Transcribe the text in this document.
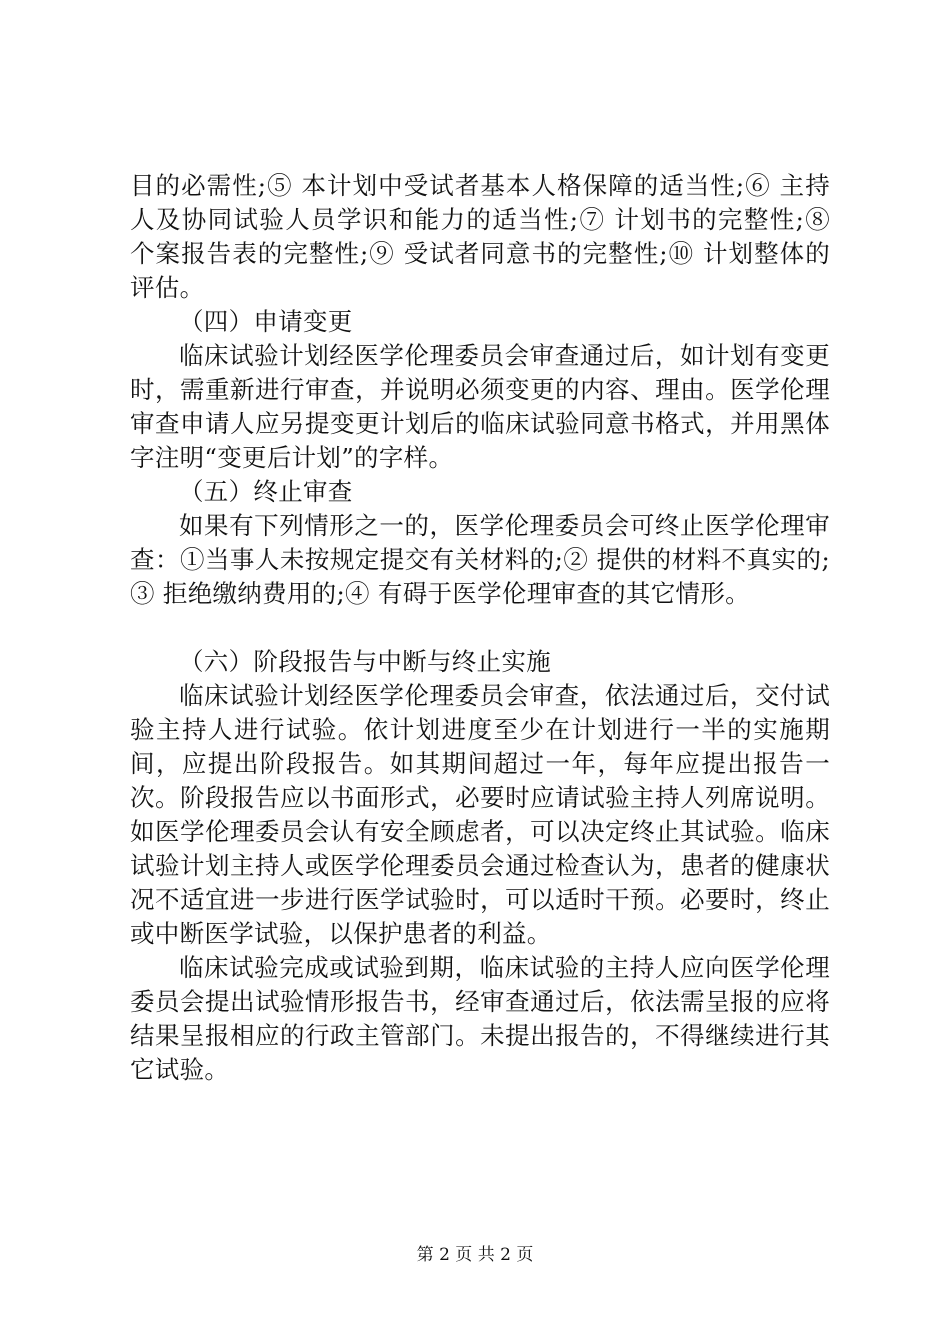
目的必需性;⑤ 本计划中受试者基本人格保障的适当性;⑥ 主持人及协同试验人员学识和能力的适当性;⑦ 计划书的完整性;⑧ 个案报告表的完整性;⑨ 受试者同意书的完整性;⑩ 计划整体的评估。

（四）申请变更

临床试验计划经医学伦理委员会审查通过后，如计划有变更时，需重新进行审查，并说明必须变更的内容、理由。医学伦理审查申请人应另提变更计划后的临床试验同意书格式，并用黑体字注明“变更后计划”的字样。

（五）终止审查

如果有下列情形之一的，医学伦理委员会可终止医学伦理审查：①当事人未按规定提交有关材料的;② 提供的材料不真实的;③ 拒绝缴纳费用的;④ 有碍于医学伦理审查的其它情形。

（六）阶段报告与中断与终止实施

临床试验计划经医学伦理委员会审查，依法通过后，交付试验主持人进行试验。依计划进度至少在计划进行一半的实施期间，应提出阶段报告。如其期间超过一年，每年应提出报告一次。阶段报告应以书面形式，必要时应请试验主持人列席说明。如医学伦理委员会认有安全顾虑者，可以决定终止其试验。临床试验计划主持人或医学伦理委员会通过检查认为，患者的健康状况不适宜进一步进行医学试验时，可以适时干预。必要时，终止或中断医学试验，以保护患者的利益。

临床试验完成或试验到期，临床试验的主持人应向医学伦理委员会提出试验情形报告书，经审查通过后，依法需呈报的应将结果呈报相应的行政主管部门。未提出报告的，不得继续进行其它试验。

第 2 页 共 2 页
